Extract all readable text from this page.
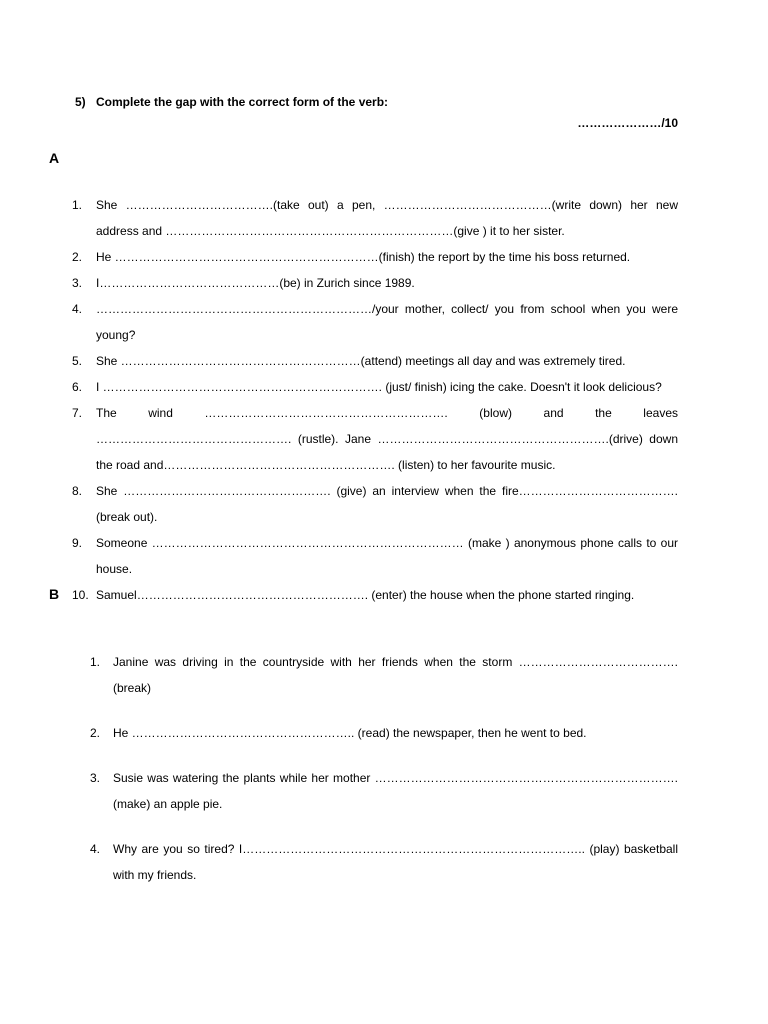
5) Complete the gap with the correct form of the verb:
…………………/10
A
1. She ……………………………….(take out) a pen, ……………………………………(write down) her new address and ………………………………………………………………(give ) it to her sister.
2. He …………………………………………………………(finish) the report by the time his boss returned.
3. I………………………………………(be) in Zurich since 1989.
4. ……………………………………………………………/your mother, collect/ you from school when you were young?
5. She ……………………………………………………(attend) meetings all day and was extremely tired.
6. I ……………………………………………………………. (just/ finish) icing the cake. Doesn't it look delicious?
7. The wind ……………………………………………………. (blow) and the leaves …………………………………………. (rustle). Jane ………………………………………………….(drive) down the road and…………………………………………………. (listen) to her favourite music.
8. She ……………………………………………. (give) an interview when the fire…………………………………. (break out).
9. Someone …………………………………………………………………… (make ) anonymous phone calls to our house.
10. Samuel…………………………………………………. (enter) the house when the phone started ringing.
B
1. Janine was driving in the countryside with her friends when the storm …………………………………. (break)
2. He ……………………………………………….. (read) the newspaper, then he went to bed.
3. Susie was watering the plants while her mother ………………………………………………………………….(make) an apple pie.
4. Why are you so tired? I………………………………………………………………………….. (play) basketball with my friends.
